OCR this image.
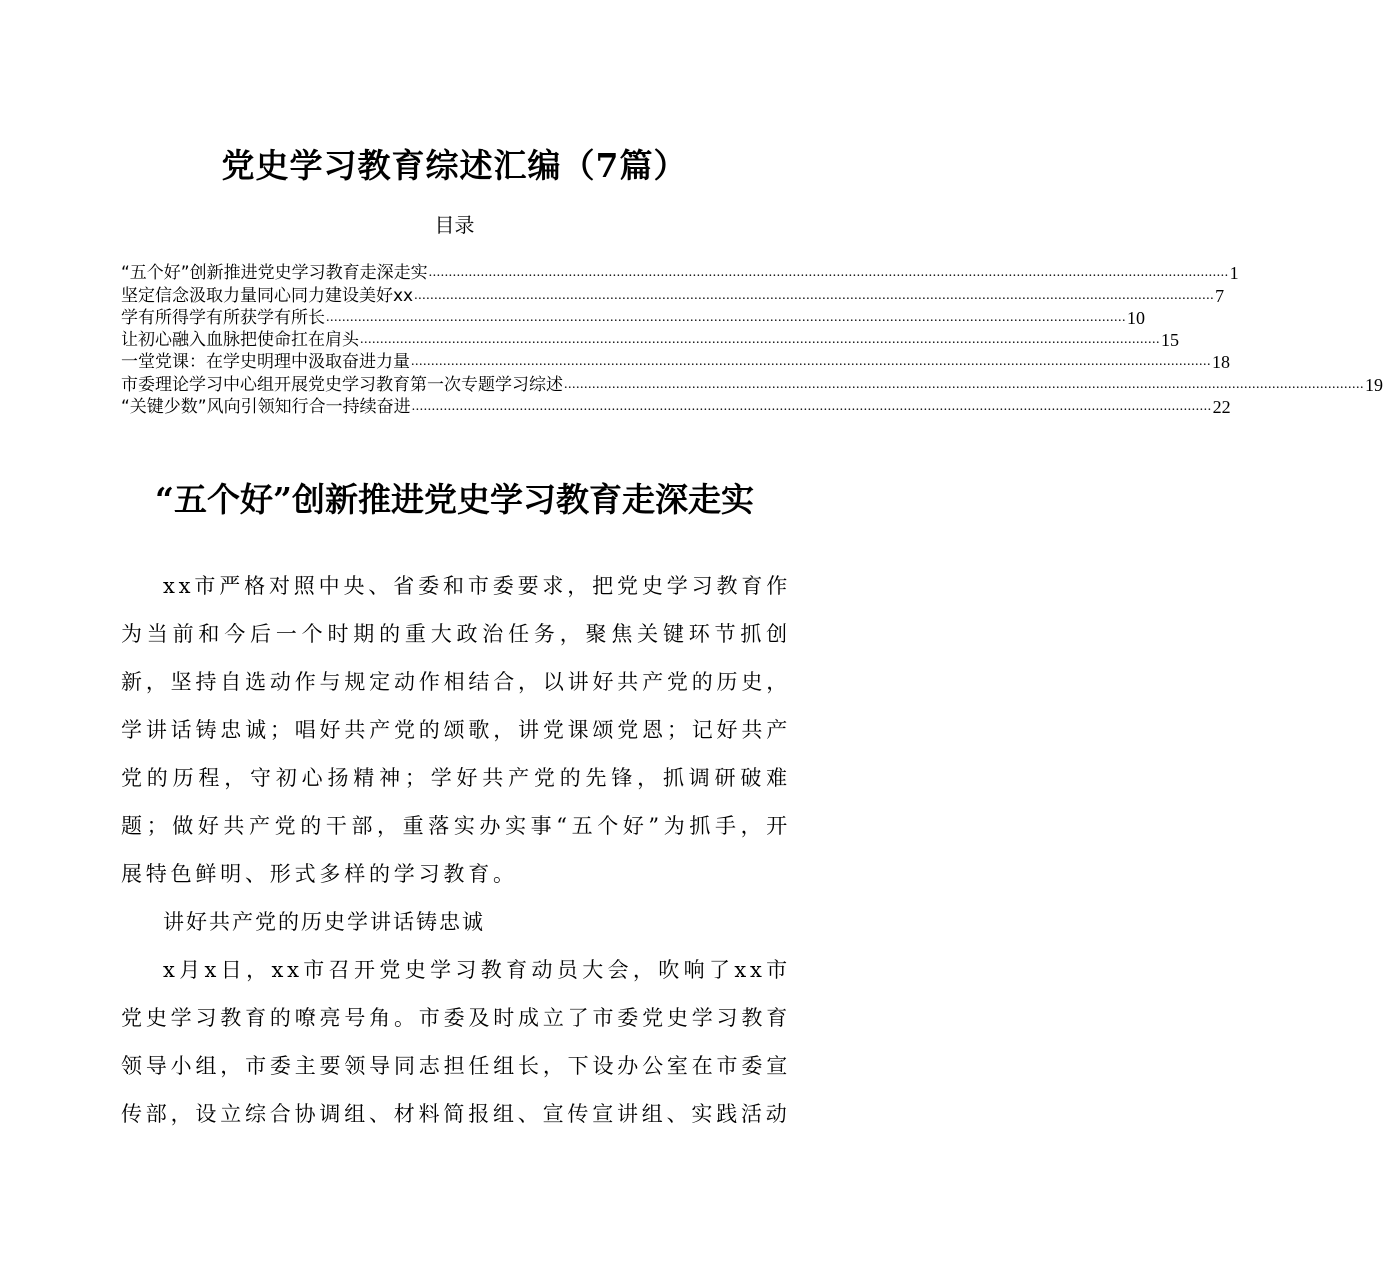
党史学习教育综述汇编（7篇）
目录
“五个好”创新推进党史学习教育走深走实 ........................................................................................................................................................................................................ 1
坚定信念汲取力量同心同力建设美好xx ........................................................................................................................................................................................................ 7
学有所得学有所获学有所长 ........................................................................................................................................................................................................ 10
让初心融入血脉把使命扛在肩头 ........................................................................................................................................................................................................ 15
一堂党课：在学史明理中汲取奋进力量 ........................................................................................................................................................................................................ 18
市委理论学习中心组开展党史学习教育第一次专题学习综述 ........................................................................................................................................................................................................ 19
“关键少数”风向引领知行合一持续奋进 ........................................................................................................................................................................................................ 22
“五个好”创新推进党史学习教育走深走实

xx市严格对照中央、省委和市委要求，把党史学习教育作为当前和今后一个时期的重大政治任务，聚焦关键环节抓创新，坚持自选动作与规定动作相结合，以讲好共产党的历史，学讲话铸忠诚；唱好共产党的颂歌，讲党课颂党恩；记好共产党的历程，守初心扬精神；学好共产党的先锋，抓调研破难题；做好共产党的干部，重落实办实事“五个好”为抓手，开展特色鲜明、形式多样的学习教育。

讲好共产党的历史学讲话铸忠诚

x月x日，xx市召开党史学习教育动员大会，吹响了xx市党史学习教育的嘹亮号角。市委及时成立了市委党史学习教育领导小组，市委主要领导同志担任组长，下设办公室在市委宣传部，设立综合协调组、材料简报组、宣传宣讲组、实践活动
